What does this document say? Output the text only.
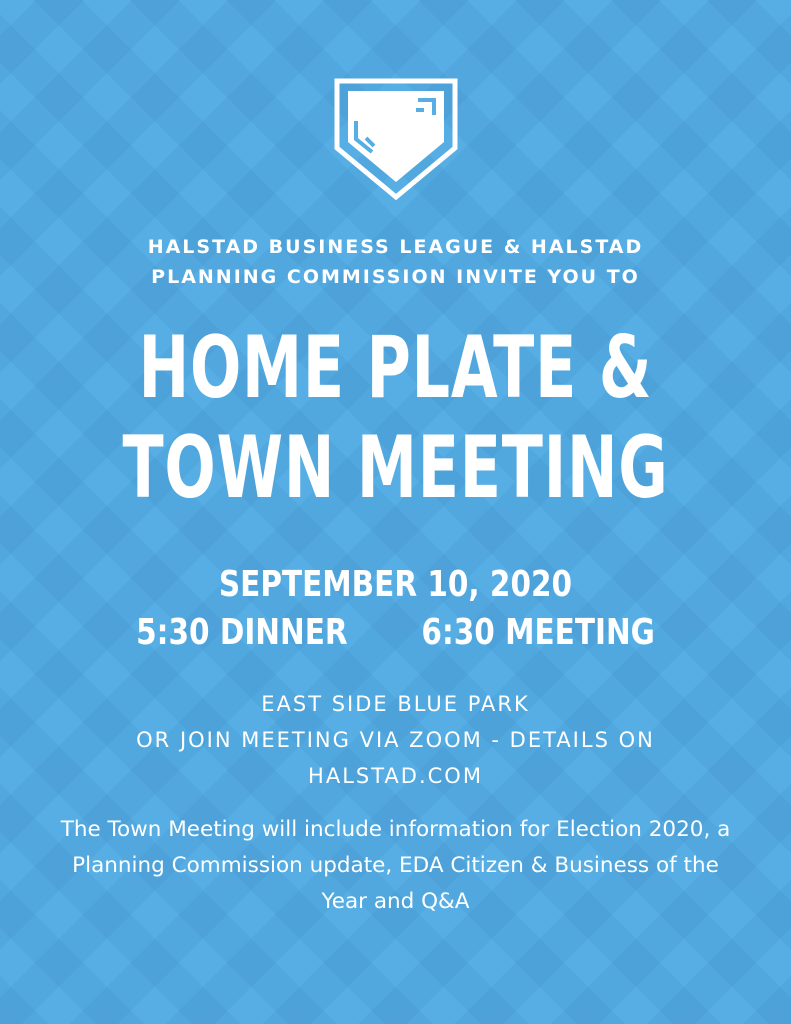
HALSTAD BUSINESS LEAGUE & HALSTAD
PLANNING COMMISSION INVITE YOU TO
HOME PLATE &
TOWN MEETING
SEPTEMBER 10, 2020
5:30 DINNER 6:30 MEETING
EAST SIDE BLUE PARK
OR JOIN MEETING VIA ZOOM - DETAILS ON
HALSTAD.COM
The Town Meeting will include information for Election 2020, a Planning Commission update, EDA Citizen & Business of the Year and Q&A
